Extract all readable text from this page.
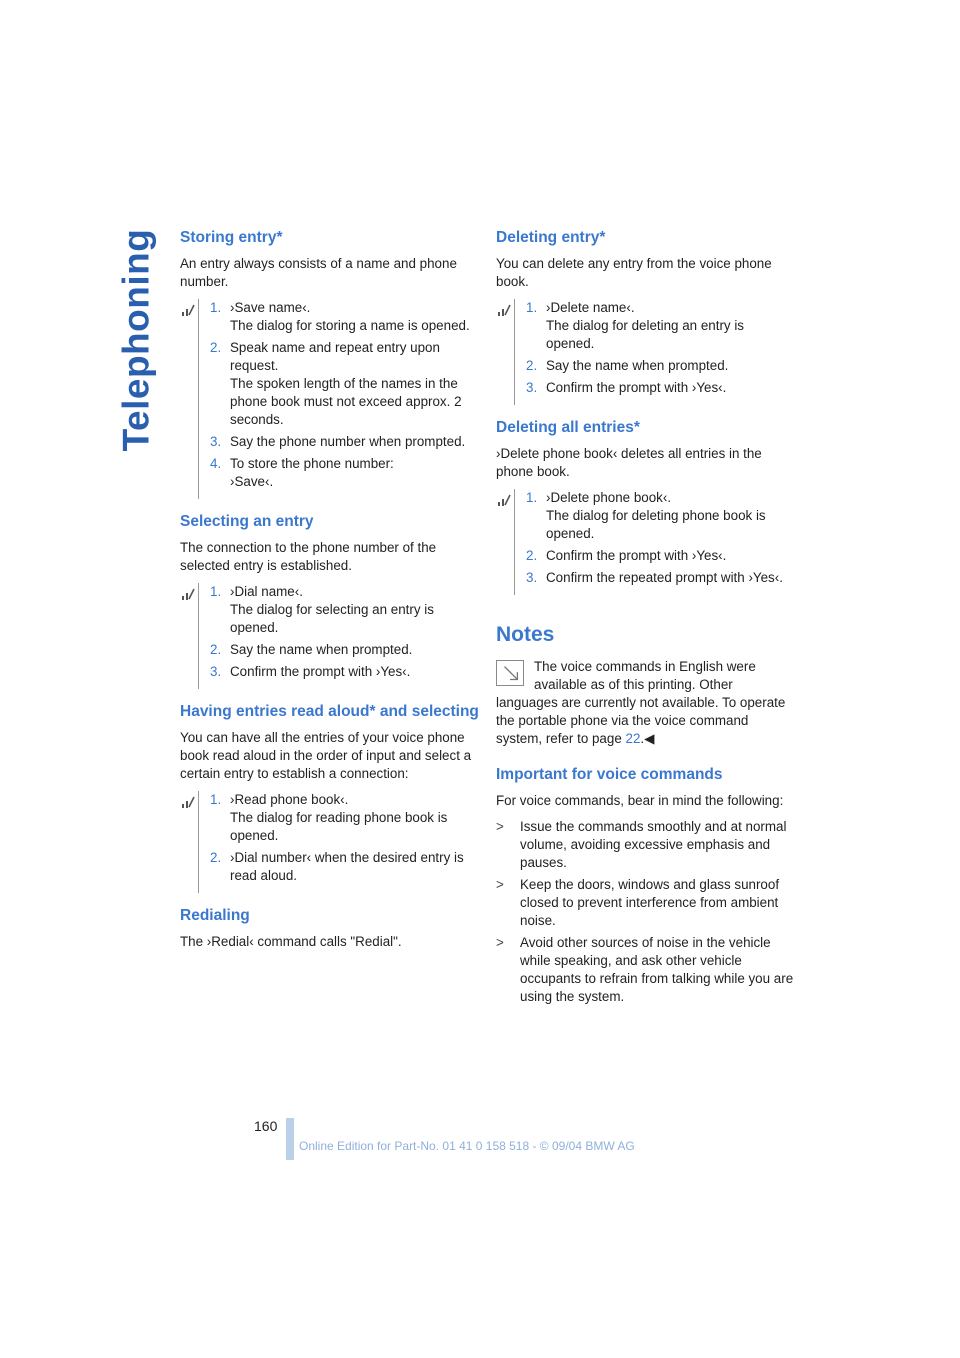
Telephoning Storing entry*

An entry always consists of a name and phone number.

1. ›Save name‹.
The dialog for storing a name is opened.
2. Speak name and repeat entry upon request.
The spoken length of the names in the phone book must not exceed approx. 2 seconds.
3. Say the phone number when prompted.
4. To store the phone number:
›Save‹.
Selecting an entry

The connection to the phone number of the selected entry is established.

1. ›Dial name‹.
The dialog for selecting an entry is opened.
2. Say the name when prompted.
3. Confirm the prompt with ›Yes‹.
Having entries read aloud* and selecting

You can have all the entries of your voice phone book read aloud in the order of input and select a certain entry to establish a connection:

1. ›Read phone book‹.
The dialog for reading phone book is opened.
2. ›Dial number‹ when the desired entry is read aloud.
Redialing

The ›Redial‹ command calls "Redial".

Deleting entry*

You can delete any entry from the voice phone book.

1. ›Delete name‹.
The dialog for deleting an entry is opened.
2. Say the name when prompted.
3. Confirm the prompt with ›Yes‹.
Deleting all entries*

›Delete phone book‹ deletes all entries in the phone book.

1. ›Delete phone book‹.
The dialog for deleting phone book is opened.
2. Confirm the prompt with ›Yes‹.
3. Confirm the repeated prompt with ›Yes‹.
Notes

The voice commands in English were available as of this printing. Other languages are currently not available. To operate the portable phone via the voice command system, refer to page 22.◀

Important for voice commands

For voice commands, bear in mind the following:

>	Issue the commands smoothly and at normal volume, avoiding excessive emphasis and pauses.
>	Keep the doors, windows and glass sunroof closed to prevent interference from ambient noise.
>	Avoid other sources of noise in the vehicle while speaking, and ask other vehicle occupants to refrain from talking while you are using the system.
160
Online Edition for Part-No. 01 41 0 158 518 - © 09/04 BMW AG
